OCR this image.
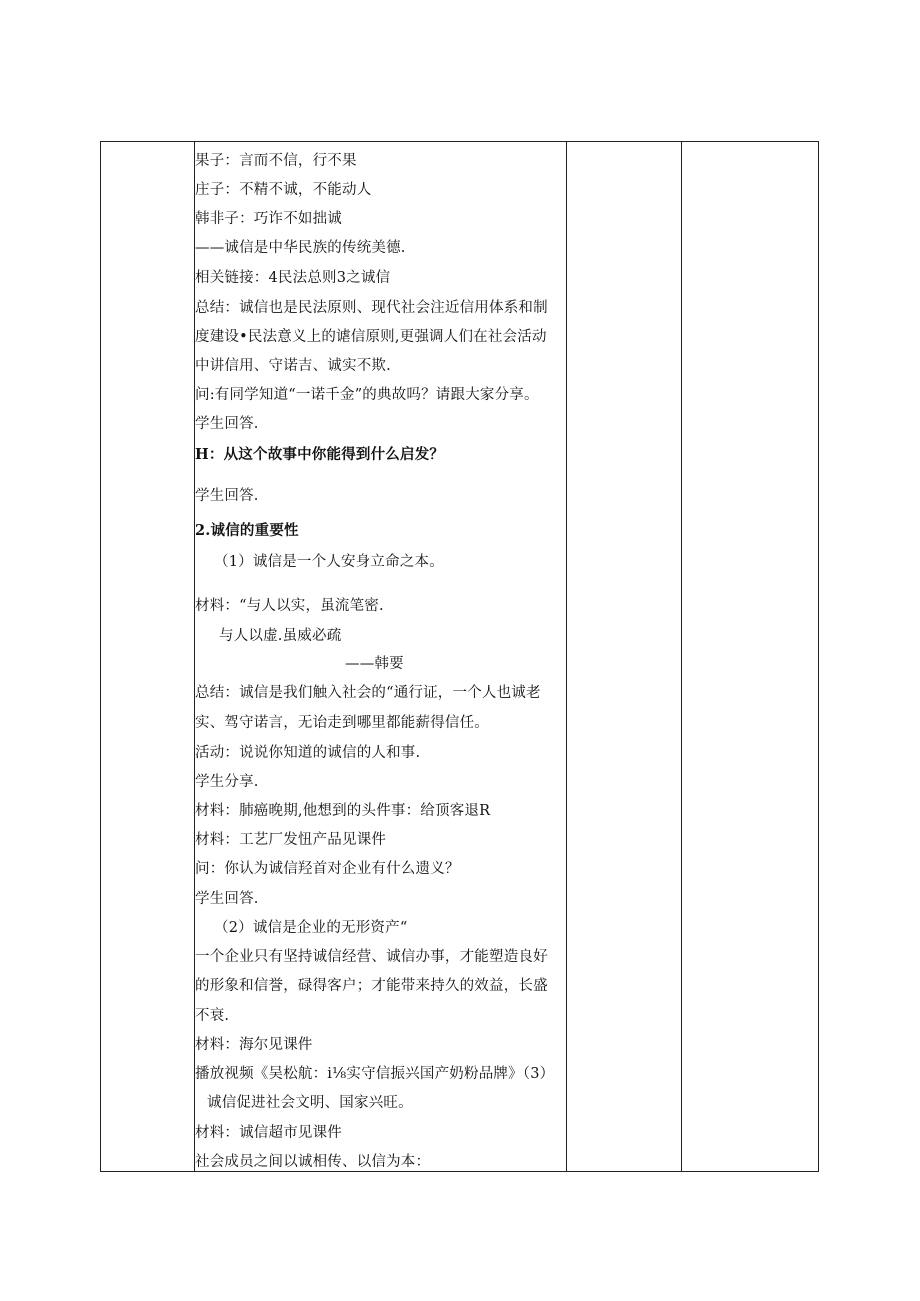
果子：言而不信，行不果
庄子：不精不诚，不能动人
韩非子：巧诈不如拙诚
——诚信是中华民族的传统美德.
相关链接：4民法总则3之诚信
总结：诚信也是民法原则、现代社会注近信用体系和制
度建设•民法意义上的谑信原则,更强调人们在社会活动
中讲信用、守诺吉、诚实不欺.
问:有同学知道“一诺千金”的典故吗？请跟大家分享。
学生回答.
H：从这个故事中你能得到什么启发？
学生回答.
2.诚信的重要性
（1）诚信是一个人安身立命之本。
材料：“与人以实，虽流笔密.
与人以虚.虽威必疏
——韩要
总结：诚信是我们触入社会的“通行证，一个人也诚老
实、驾守诺言，无诒走到哪里都能薪得信任。
活动：说说你知道的诚信的人和事.
学生分享.
材料：肺癌晚期,他想到的头件事：给顶客退R
材料：工艺厂发忸产品见课件
问：你认为诚信羟首对企业有什么遗义？
学生回答.
（2）诚信是企业的无形资产“
一个企业只有坚持诚信经营、诚信办事，才能塑造良好
的形象和信誉，碌得客户；才能带来持久的效益，长盛
不衰.
材料：海尔见课件
播放视频《吴松航：i⅛实守信振兴国产奶粉品牌》（3）
诚信促进社会文明、国家兴旺。
材料：诚信超市见课件
社会成员之间以诚相传、以信为本：
